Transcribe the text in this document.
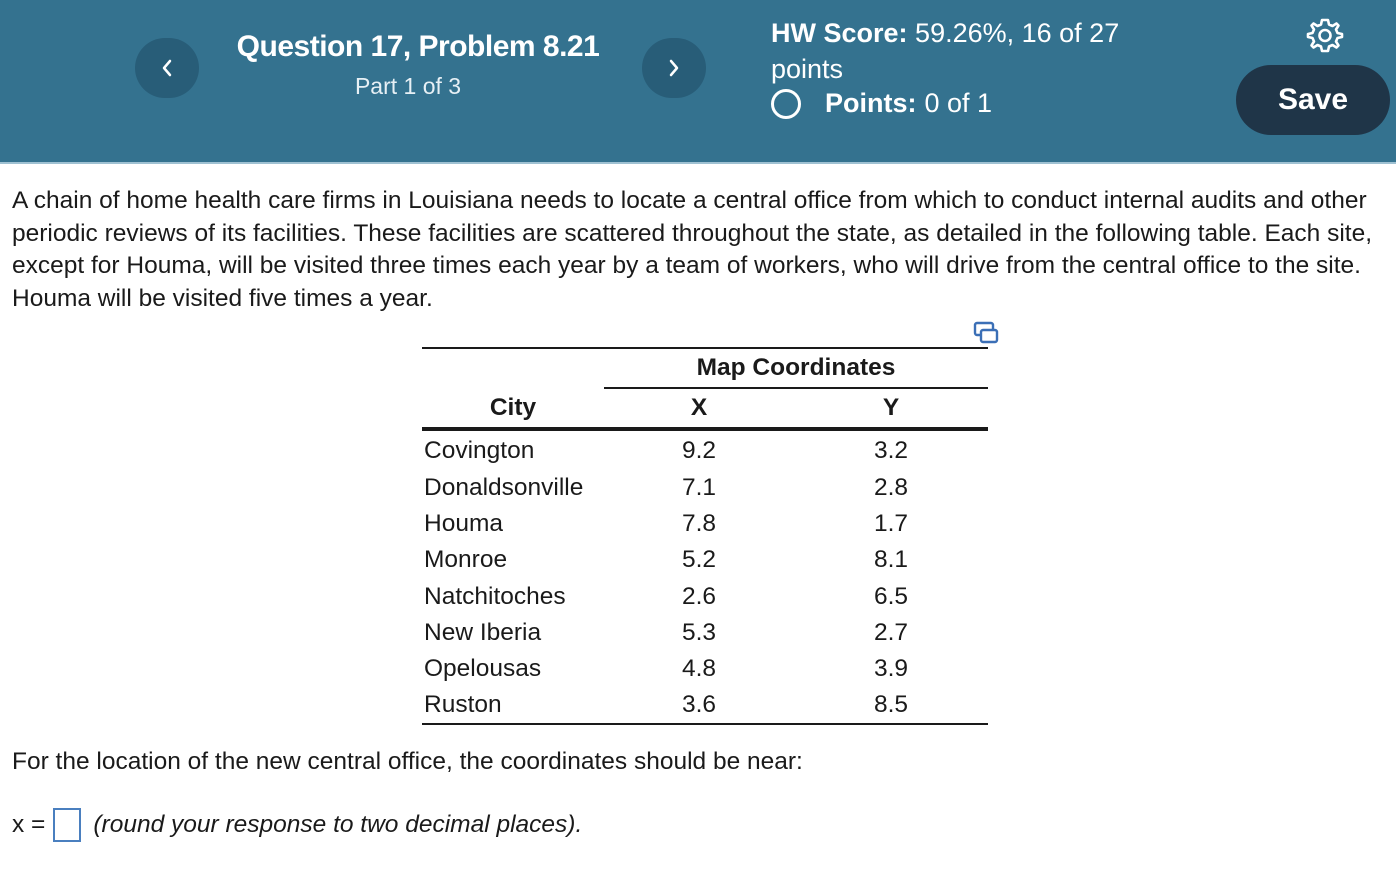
Question 17, Problem 8.21
Part 1 of 3
HW Score: 59.26%, 16 of 27 points
Points: 0 of 1	Save
A chain of home health care firms in Louisiana needs to locate a central office from which to conduct internal audits and other periodic reviews of its facilities. These facilities are scattered throughout the state, as detailed in the following table. Each site, except for Houma, will be visited three times each year by a team of workers, who will drive from the central office to the site. Houma will be visited five times a year.
	Map Coordinates	
City	X	Y
Covington	9.2	3.2
Donaldsonville	7.1	2.8
Houma	7.8	1.7
Monroe	5.2	8.1
Natchitoches	2.6	6.5
New Iberia	5.3	2.7
Opelousas	4.8	3.9
Ruston	3.6	8.5
For the location of the new central office, the coordinates should be near:
x = (round your response to two decimal places).
